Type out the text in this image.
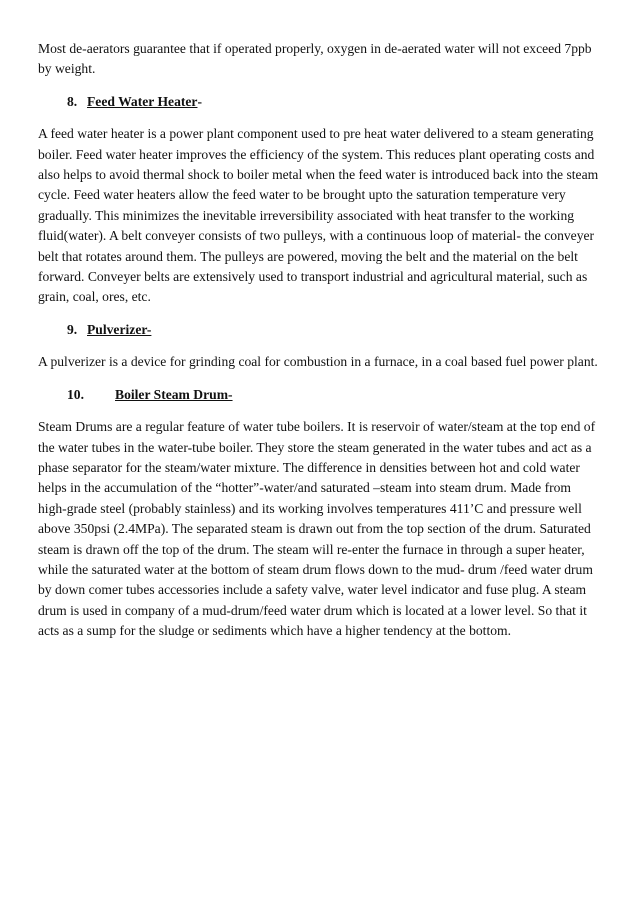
Most de-aerators guarantee that if operated properly, oxygen in de-aerated water will not exceed 7ppb by weight.

8. Feed Water Heater -

A feed water heater is a power plant component used to pre heat water delivered to a steam generating boiler. Feed water heater improves the efficiency of the system. This reduces plant operating costs and also helps to avoid thermal shock to boiler metal when the feed water is introduced back into the steam cycle. Feed water heaters allow the feed water to be brought upto the saturation temperature very gradually. This minimizes the inevitable irreversibility associated with heat transfer to the working fluid(water). A belt conveyer consists of two pulleys, with a continuous loop of material- the conveyer belt that rotates around them. The pulleys are powered, moving the belt and the material on the belt forward. Conveyer belts are extensively used to transport industrial and agricultural material, such as grain, coal, ores, etc.

9. Pulverizer-

A pulverizer is a device for grinding coal for combustion in a furnace, in a coal based fuel power plant.

10.	Boiler Steam Drum-

Steam Drums are a regular feature of water tube boilers. It is reservoir of water/steam at the top end of the water tubes in the water-tube boiler. They store the steam generated in the water tubes and act as a phase separator for the steam/water mixture. The difference in densities between hot and cold water helps in the accumulation of the “hotter”-water/and saturated –steam into steam drum. Made from high-grade steel (probably stainless) and its working involves temperatures 411’C and pressure well above 350psi (2.4MPa). The separated steam is drawn out from the top section of the drum. Saturated steam is drawn off the top of the drum. The steam will re-enter the furnace in through a super heater, while the saturated water at the bottom of steam drum flows down to the mud- drum /feed water drum by down comer tubes accessories include a safety valve, water level indicator and fuse plug. A steam drum is used in company of a mud-drum/feed water drum which is located at a lower level. So that it acts as a sump for the sludge or sediments which have a higher tendency at the bottom.
